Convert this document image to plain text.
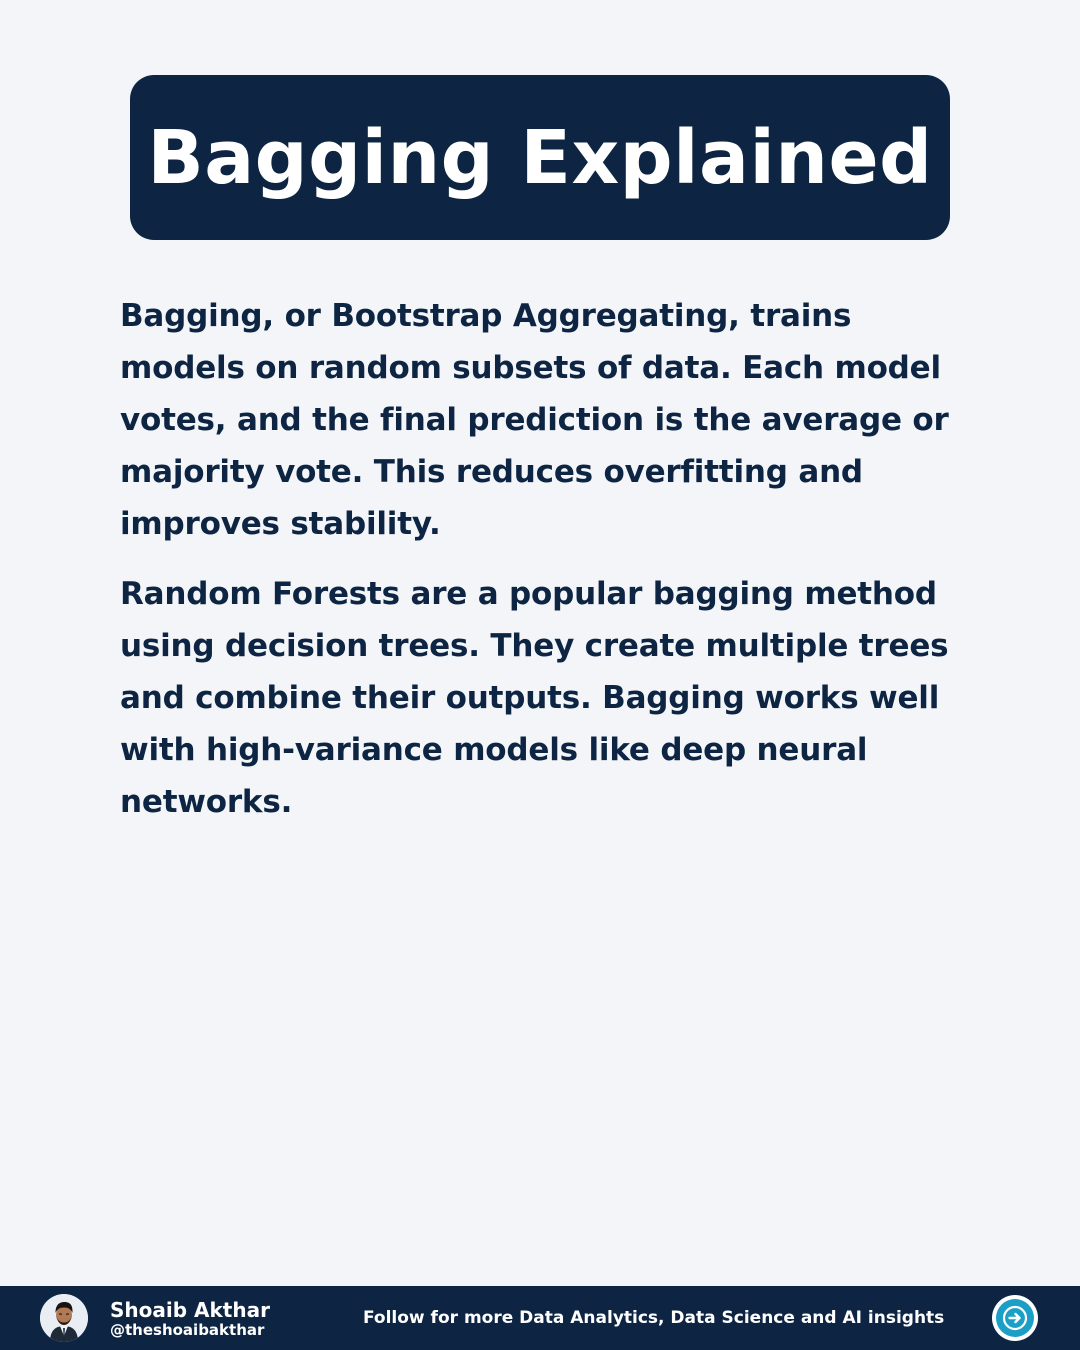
Bagging Explained

Bagging, or Bootstrap Aggregating, trains models on random subsets of data. Each model votes, and the final prediction is the average or majority vote. This reduces overfitting and improves stability.

Random Forests are a popular bagging method using decision trees. They create multiple trees and combine their outputs. Bagging works well with high-variance models like deep neural networks.

Shoaib Akthar
@theshoaibakthar
Follow for more Data Analytics, Data Science and AI insights
